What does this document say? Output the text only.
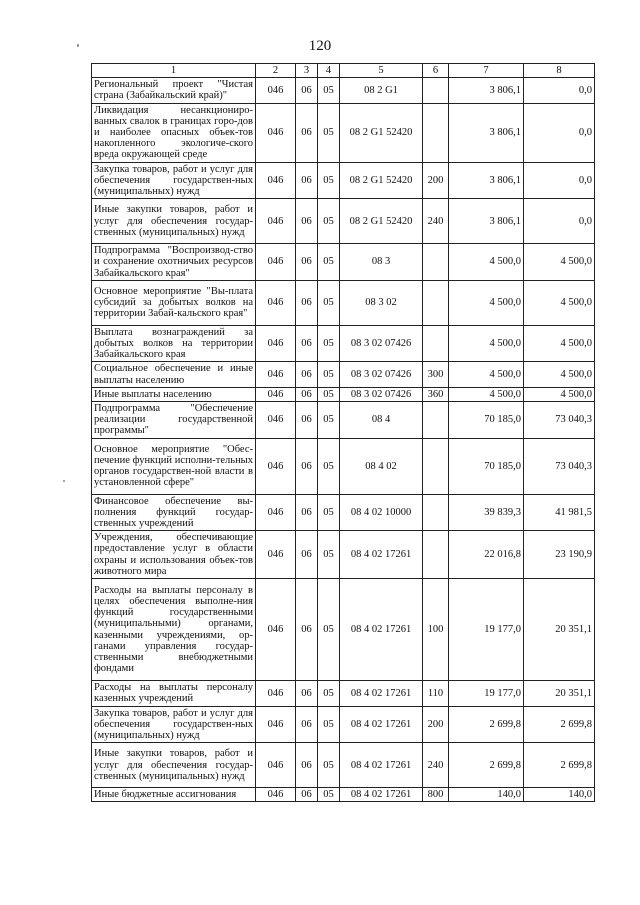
120
1	2	3	4	5	6	7	8
Региональный проект "Чистая страна (Забайкальский край)"	046	06	05	08 2 G1		3 806,1	0,0
Ликвидация несанкциониро-ванных свалок в границах горо-дов и наиболее опасных объек-тов накопленного экологиче-ского вреда окружающей среде	046	06	05	08 2 G1 52420		3 806,1	0,0
Закупка товаров, работ и услуг для обеспечения государствен-ных (муниципальных) нужд	046	06	05	08 2 G1 52420	200	3 806,1	0,0
Иные закупки товаров, работ и услуг для обеспечения государ-ственных (муниципальных) нужд	046	06	05	08 2 G1 52420	240	3 806,1	0,0
Подпрограмма "Воспроизвод-ство и сохранение охотничьих ресурсов Забайкальского края"	046	06	05	08 3		4 500,0	4 500,0
Основное мероприятие "Вы-плата субсидий за добытых волков на территории Забай-кальского края"	046	06	05	08 3 02		4 500,0	4 500,0
Выплата вознаграждений за добытых волков на территории Забайкальского края	046	06	05	08 3 02 07426		4 500,0	4 500,0
Социальное обеспечение и иные выплаты населению	046	06	05	08 3 02 07426	300	4 500,0	4 500,0
Иные выплаты населению	046	06	05	08 3 02 07426	360	4 500,0	4 500,0
Подпрограмма "Обеспечение реализации государственной программы"	046	06	05	08 4		70 185,0	73 040,3
Основное мероприятие "Обес-печение функций исполни-тельных органов государствен-ной власти в установленной сфере"	046	06	05	08 4 02		70 185,0	73 040,3
Финансовое обеспечение вы-полнения функций государ-ственных учреждений	046	06	05	08 4 02 10000		39 839,3	41 981,5
Учреждения, обеспечивающие предоставление услуг в области охраны и использования объек-тов животного мира	046	06	05	08 4 02 17261		22 016,8	23 190,9
Расходы на выплаты персоналу в целях обеспечения выполне-ния функций государственными (муниципальными) органами, казенными учреждениями, ор-ганами управления государ-ственными внебюджетными фондами	046	06	05	08 4 02 17261	100	19 177,0	20 351,1
Расходы на выплаты персоналу казенных учреждений	046	06	05	08 4 02 17261	110	19 177,0	20 351,1
Закупка товаров, работ и услуг для обеспечения государствен-ных (муниципальных) нужд	046	06	05	08 4 02 17261	200	2 699,8	2 699,8
Иные закупки товаров, работ и услуг для обеспечения государ-ственных (муниципальных) нужд	046	06	05	08 4 02 17261	240	2 699,8	2 699,8
Иные бюджетные ассигнования	046	06	05	08 4 02 17261	800	140,0	140,0
